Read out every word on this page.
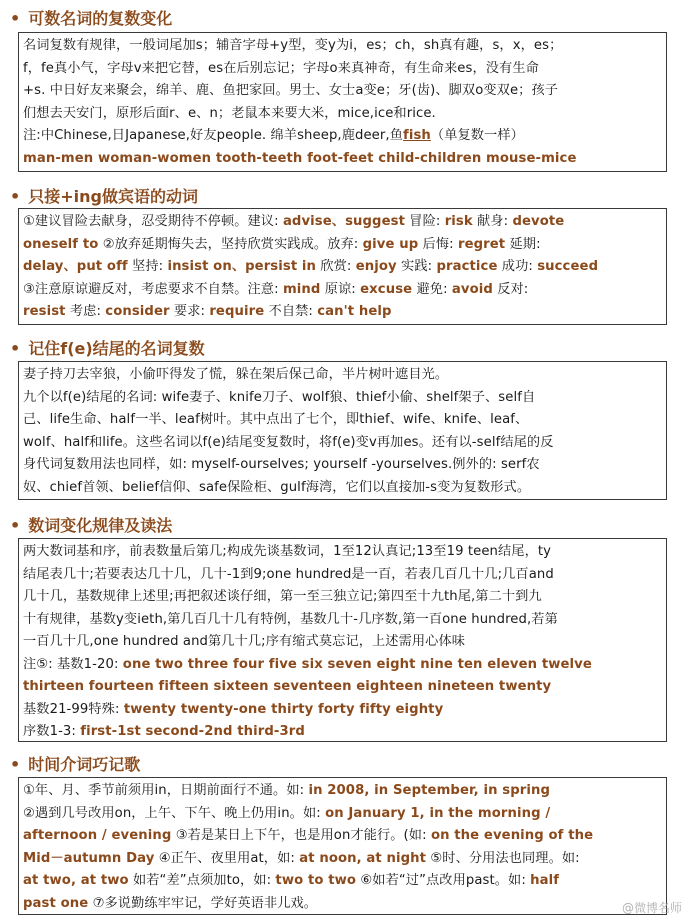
• 可数名词的复数变化
名词复数有规律，一般词尾加s；辅音字母+y型，变y为i，es；ch，sh真有趣，s，x，es；
f，fe真小气，字母v来把它替，es在后别忘记；字母o来真神奇，有生命来es，没有生命
+s. 中日好友来聚会，绵羊、鹿、鱼把家回。男士、女士a变e；牙(齿)、脚双o变双e；孩子
们想去天安门，原形后面r、e、n；老鼠本来要大米，mice,ice和rice.
注:中Chinese,日Japanese,好友people. 绵羊sheep,鹿deer,鱼fish（单复数一样）
man-men woman-women tooth-teeth foot-feet child-children mouse-mice
• 只接+ing做宾语的动词
①建议冒险去献身，忍受期待不停顿。建议: advise、suggest 冒险: risk 献身: devote
oneself to ②放弃延期悔失去，坚持欣赏实践成。放弃: give up 后悔: regret 延期:
delay、put off 坚持: insist on、persist in 欣赏: enjoy 实践: practice 成功: succeed
③注意原谅避反对，考虑要求不自禁。注意: mind 原谅: excuse 避免: avoid 反对:
resist 考虑: consider 要求: require 不自禁: can't help
• 记住f(e)结尾的名词复数
妻子持刀去宰狼，小偷吓得发了慌，躲在架后保己命，半片树叶遮目光。
九个以f(e)结尾的名词: wife妻子、knife刀子、wolf狼、thief小偷、shelf架子、self自
己、life生命、half一半、leaf树叶。其中点出了七个，即thief、wife、knife、leaf、
wolf、half和life。这些名词以f(e)结尾变复数时，将f(e)变v再加es。还有以-self结尾的反
身代词复数用法也同样，如: myself-ourselves; yourself -yourselves.例外的: serf农
奴、chief首领、belief信仰、safe保险柜、gulf海湾，它们以直接加-s变为复数形式。
• 数词变化规律及读法
两大数词基和序，前表数量后第几;构成先谈基数词，1至12认真记;13至19 teen结尾，ty
结尾表几十;若要表达几十几，几十-1到9;one hundred是一百，若表几百几十几;几百and
几十几，基数规律上述里;再把叙述谈仔细，第一至三独立记;第四至十九th尾,第二十到九
十有规律，基数y变ieth,第几百几十几有特例，基数几十-几序数,第一百one hundred,若第
一百几十几,one hundred and第几十几;序有缩式莫忘记，上述需用心体味
注⑤: 基数1-20: one two three four five six seven eight nine ten eleven twelve
thirteen fourteen fifteen sixteen seventeen eighteen nineteen twenty
基数21-99特殊: twenty twenty-one thirty forty fifty eighty
序数1-3: first-1st second-2nd third-3rd
• 时间介词巧记歌
①年、月、季节前须用in，日期前面行不通。如: in 2008, in September, in spring
②遇到几号改用on，上午、下午、晚上仍用in。如: on January 1, in the morning /
afternoon / evening ③若是某日上下午，也是用on才能行。(如: on the evening of the
Mid－autumn Day ④正午、夜里用at，如: at noon, at night ⑤时、分用法也同理。如:
at two, at two 如若“差”点须加to，如: two to two ⑥如若“过”点改用past。如: half
past one ⑦多说勤练牢牢记，学好英语非儿戏。	@微博名师
